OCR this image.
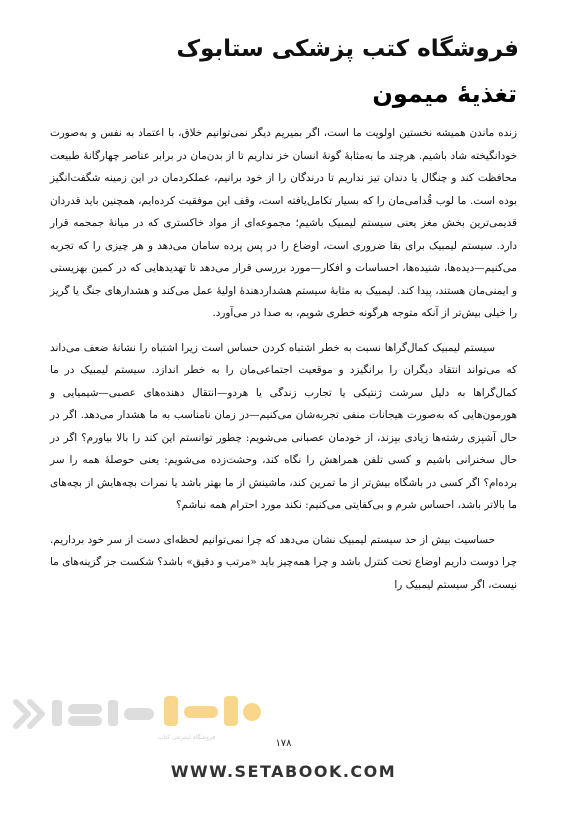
فروشگاه کتب پزشکی ستابوک
تغذیهٔ میمون

زنده ماندن همیشه نخستین اولویت ما است، اگر بمیریم دیگر نمی‌توانیم خلاق، با اعتماد به نفس و به‌صورت خودانگیخته شاد باشیم. هرچند ما به‌مثابهٔ گونهٔ انسان خز نداریم تا از بدن‌مان در برابر عناصر چهارگانهٔ طبیعت محافظت کند و چنگال یا دندان تیز نداریم تا درندگان را از خود برانیم، عملکردمان در این زمینه شگفت‌انگیز بوده است. ما لوب قُدامی‌مان را که بسیار تکامل‌یافته است، وقف این موفقیت کرده‌ایم، همچنین باید قدردان قدیمی‌ترین بخش مغز یعنی سیستم لیمبیک باشیم؛ مجموعه‌ای از مواد خاکستری که در میانهٔ جمجمه قرار دارد. سیستم لیمبیک برای بقا ضروری است، اوضاع را در پس پرده سامان می‌دهد و هر چیزی را که تجربه می‌کنیم—دیده‌ها، شنیده‌ها، احساسات و افکار—مورد بررسی قرار می‌دهد تا تهدیدهایی که در کمین بهزیستی و ایمنی‌مان هستند، پیدا کند. لیمبیک به مثابهٔ سیستم هشداردهندهٔ اولیهٔ عمل می‌کند و هشدارهای جنگ یا گریز را خیلی بیش‌تر از آنکه متوجه هرگونه خطری شویم، به صدا در می‌آورد.

سیستم لیمبیک کمال‌گراها نسبت به خطر اشتباه کردن حساس است زیرا اشتباه را نشانهٔ ضعف می‌داند که می‌تواند انتقاد دیگران را برانگیزد و موقعیت اجتماعی‌مان را به خطر اندازد. سیستم لیمبیک در ما کمال‌گراها به دلیل سرشت ژنتیکی یا تجارب زندگی یا هردو—انتقال دهنده‌های عصبی—شیمیایی و هورمون‌هایی که به‌صورت هیجانات منفی تجربه‌شان می‌کنیم—در زمان نامناسب به ما هشدار می‌دهد. اگر در حال آشپزی رشته‌ها زیادی بپزند، از خودمان عصبانی می‌شویم: چطور توانستم این کند را بالا بیاورم؟ اگر در حال سخنرانی باشیم و کسی تلفن همراهش را نگاه کند، وحشت‌زده می‌شویم: یعنی حوصلهٔ همه را سر برده‌ام؟ اگر کسی در باشگاه بیش‌تر از ما تمرین کند، ماشینش از ما بهتر باشد یا نمرات بچه‌هایش از بچه‌های ما بالاتر باشد، احساس شرم و بی‌کفایتی می‌کنیم: نکند مورد احترام همه نباشم؟

حساسیت بیش از حد سیستم لیمبیک نشان می‌دهد که چرا نمی‌توانیم لحظه‌ای دست از سر خود برداریم. چرا دوست داریم اوضاع تحت کنترل باشد و چرا همه‌چیز باید «مرتب و دقیق» باشد؟ شکست جز گزینه‌های ما نیست، اگر سیستم لیمبیک را

فروشگاه اینترنتی کتاب
۱۷۸
WWW.SETABOOK.COM
